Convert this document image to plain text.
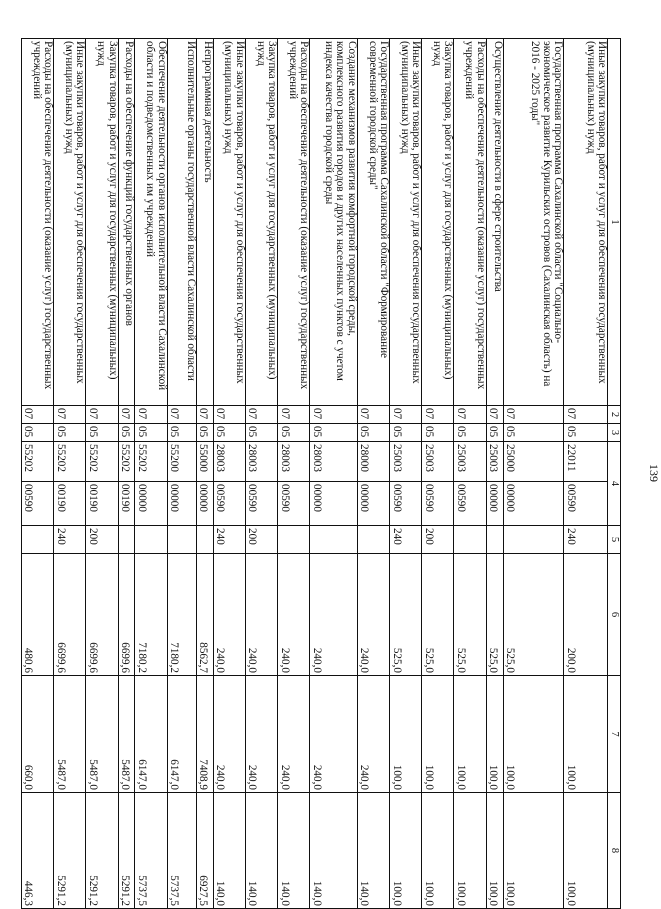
139
1	2	3	4		5	6	7	8
Иные закупки товаров, работ и услуг для обеспечения государственных (муниципальных) нужд	07	05	22011	00590	240	200,0	100,0	100,0
Государственная программа Сахалинской области "Социально-экономическое развитие Курильских островов (Сахалинская область) на 2016 - 2025 годы"	07	05	25000	00000		525,0	100,0	100,0
Осуществление деятельности в сфере строительства	07	05	25003	00000		525,0	100,0	100,0
Расходы на обеспечение деятельности (оказание услуг) государственных учреждений	07	05	25003	00590		525,0	100,0	100,0
Закупка товаров, работ и услуг для государственных (муниципальных) нужд	07	05	25003	00590	200	525,0	100,0	100,0
Иные закупки товаров, работ и услуг для обеспечения государственных (муниципальных) нужд	07	05	25003	00590	240	525,0	100,0	100,0
Государственная программа Сахалинской области "Формирование современной городской среды"	07	05	28000	00000		240,0	240,0	140,0
Создание механизмов развития комфортной городской среды, комплексного развития городов и других населенных пунктов с учетом индекса качества городской среды	07	05	28003	00000		240,0	240,0	140,0
Расходы на обеспечение деятельности (оказание услуг) государственных учреждений	07	05	28003	00590		240,0	240,0	140,0
Закупка товаров, работ и услуг для государственных (муниципальных) нужд	07	05	28003	00590	200	240,0	240,0	140,0
Иные закупки товаров, работ и услуг для обеспечения государственных (муниципальных) нужд	07	05	28003	00590	240	240,0	240,0	140,0
Непрограммная деятельность	07	05	55000	00000		8562,7	7408,9	6927,5
Исполнительные органы государственной власти Сахалинской области	07	05	55200	00000		7180,2	6147,0	5737,5
Обеспечение деятельности органов исполнительной власти Сахалинской области и подведомственных им учреждений	07	05	55202	00000		7180,2	6147,0	5737,5
Расходы на обеспечение функций государственных органов	07	05	55202	00190		6699,6	5487,0	5291,2
Закупка товаров, работ и услуг для государственных (муниципальных) нужд	07	05	55202	00190	200	6699,6	5487,0	5291,2
Иные закупки товаров, работ и услуг для обеспечения государственных (муниципальных) нужд	07	05	55202	00190	240	6699,6	5487,0	5291,2
Расходы на обеспечение деятельности (оказание услуг) государственных учреждений	07	05	55202	00590		480,6	660,0	446,3
